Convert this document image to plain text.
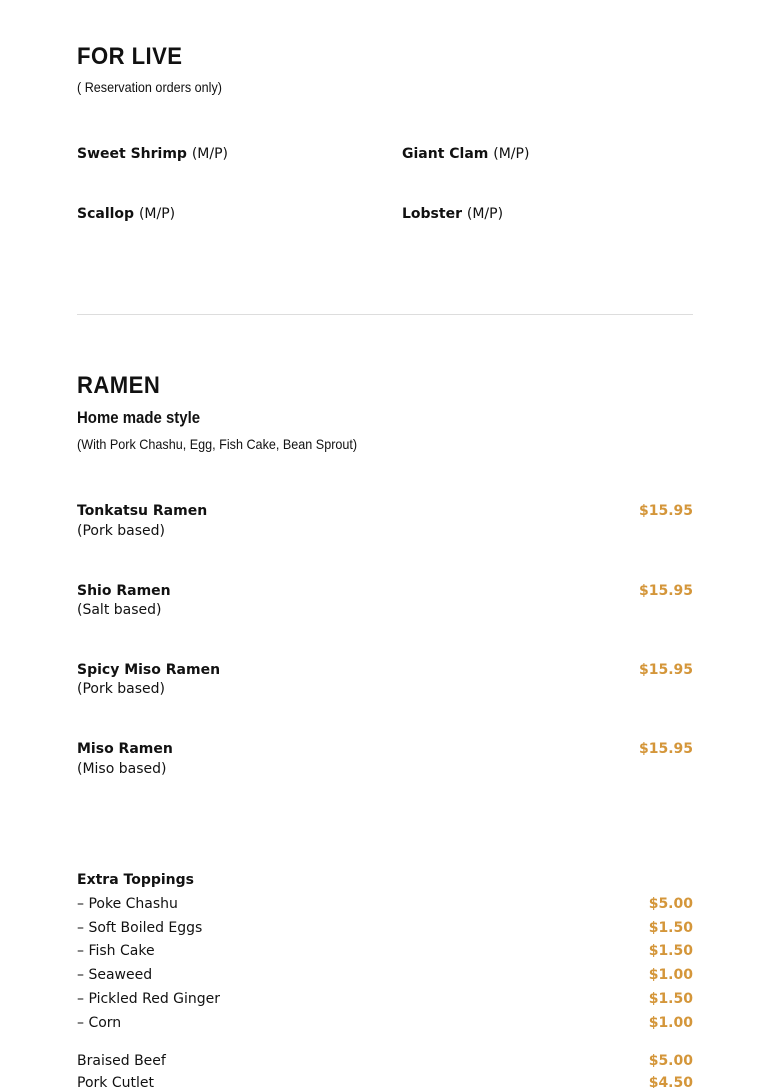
FOR LIVE
( Reservation orders only)
Sweet Shrimp (M/P)	Giant Clam (M/P)
Scallop (M/P)	Lobster (M/P)
RAMEN
Home made style
(With Pork Chashu, Egg, Fish Cake, Bean Sprout)
Tonkatsu Ramen
(Pork based)
$15.95
Shio Ramen
(Salt based)
$15.95
Spicy Miso Ramen
(Pork based)
$15.95
Miso Ramen
(Miso based)
$15.95
Extra Toppings
– Poke Chashu	$5.00
– Soft Boiled Eggs	$1.50
– Fish Cake	$1.50
– Seaweed	$1.00
– Pickled Red Ginger	$1.50
– Corn	$1.00
Braised Beef	$5.00
Pork Cutlet	$4.50
